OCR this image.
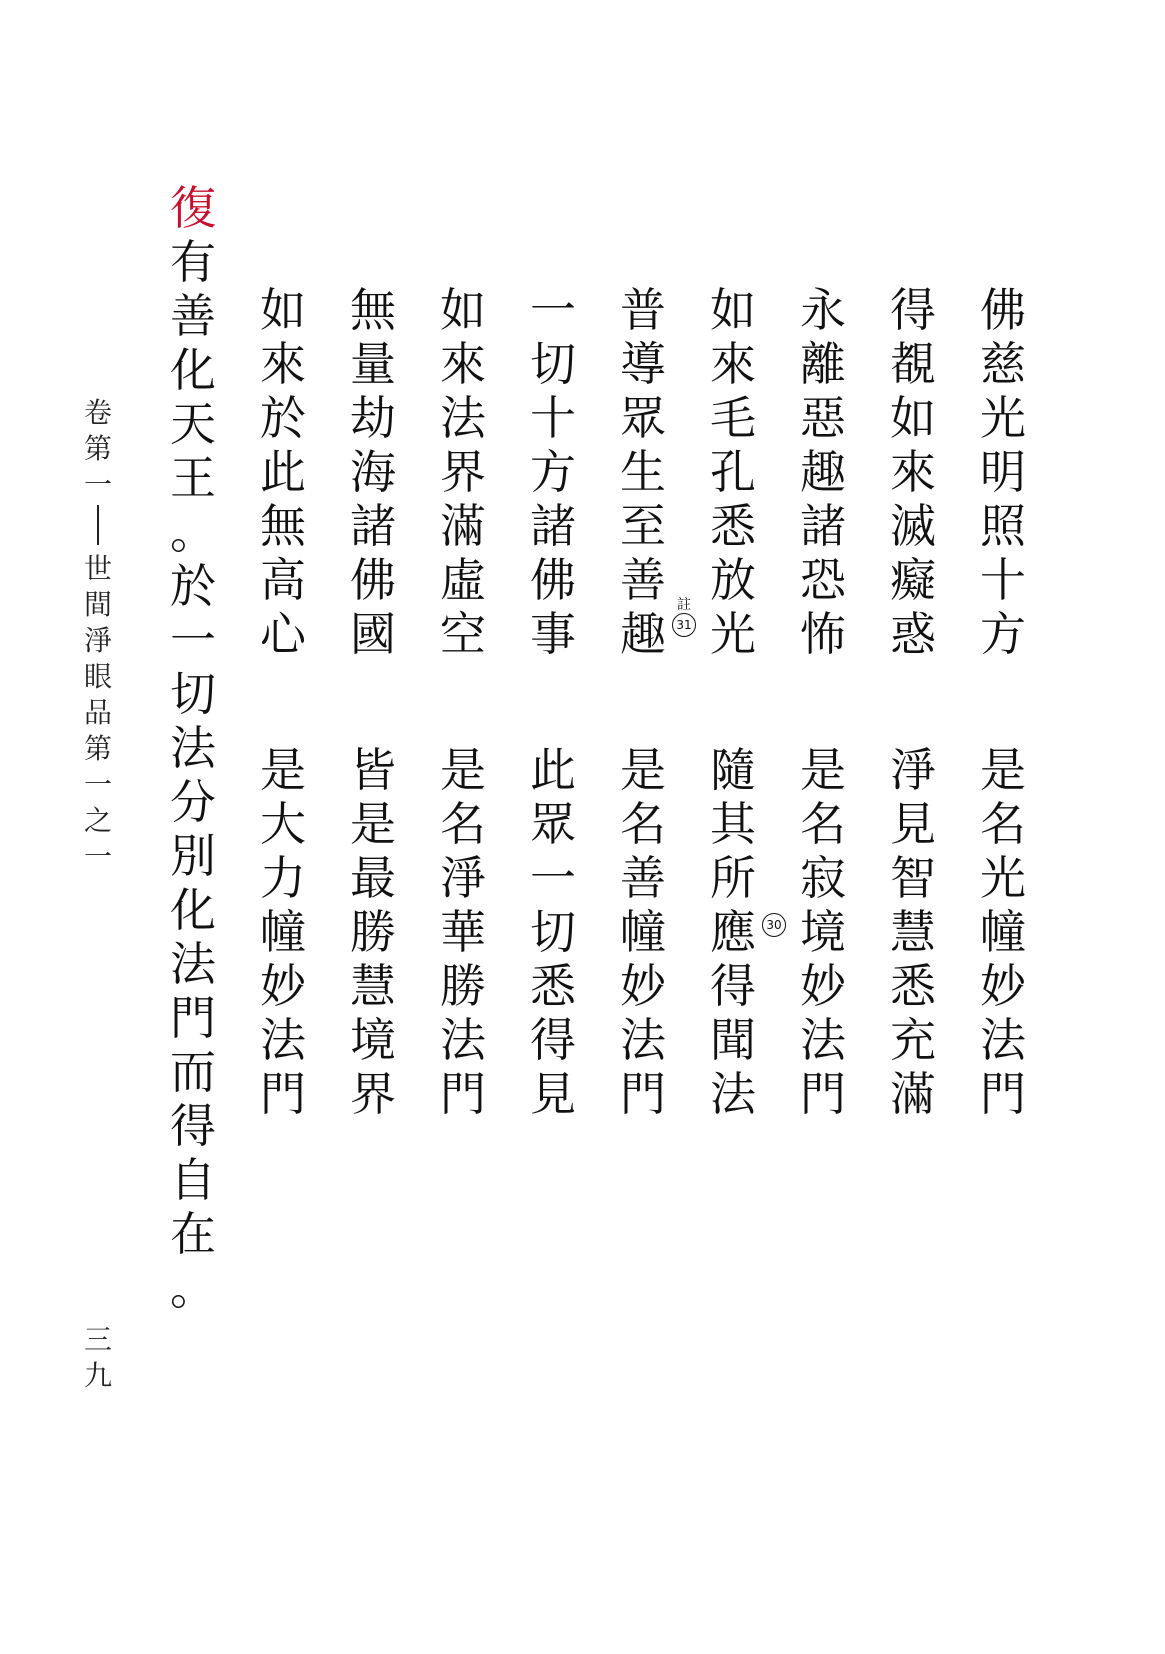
佛
慈
光
明
照
十
方
是
名
光
幢
妙
法
門
得
覩
如
來
滅
癡
惑
淨
見
智
慧
悉
充
滿
永
離
惡
趣
諸
恐
怖
是
名
寂
境
妙
法
門
如
來
毛
孔
悉
放
光
隨
其
所
應
得
聞
法
普
導
眾
生
至
善
趣
是
名
善
幢
妙
法
門
一
切
十
方
諸
佛
事
此
眾
一
切
悉
得
見
如
來
法
界
滿
虛
空
是
名
淨
華
勝
法
門
無
量
劫
海
諸
佛
國
皆
是
最
勝
慧
境
界
如
來
於
此
無
高
心
是
大
力
幢
妙
法
門
復
有
善
化
天
王
。
於
一
切
法
分
別
化
法
門
而
得
自
在
。
註
31
30
卷
第
一
世
間
淨
眼
品
第
一
之
一
三
九
